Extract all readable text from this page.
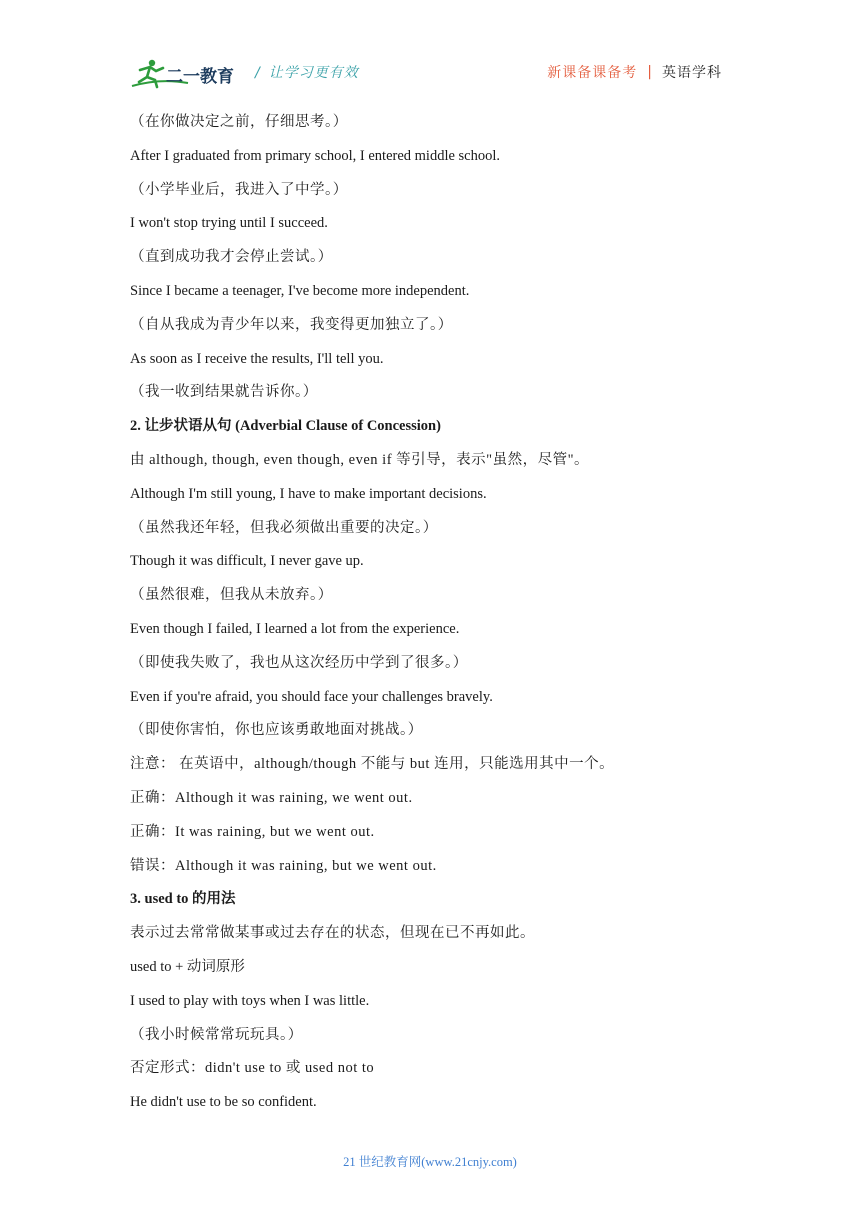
二一教育 / 让学习更有效	新课备课备考 | 英语学科
（在你做决定之前，仔细思考。）
After I graduated from primary school, I entered middle school.
（小学毕业后，我进入了中学。）
I won't stop trying until I succeed.
（直到成功我才会停止尝试。）
Since I became a teenager, I've become more independent.
（自从我成为青少年以来，我变得更加独立了。）
As soon as I receive the results, I'll tell you.
（我一收到结果就告诉你。）
2. 让步状语从句 (Adverbial Clause of Concession)
由 although, though, even though, even if 等引导，表示"虽然，尽管"。
Although I'm still young, I have to make important decisions.
（虽然我还年轻，但我必须做出重要的决定。）
Though it was difficult, I never gave up.
（虽然很难，但我从未放弃。）
Even though I failed, I learned a lot from the experience.
（即使我失败了，我也从这次经历中学到了很多。）
Even if you're afraid, you should face your challenges bravely.
（即使你害怕，你也应该勇敢地面对挑战。）
注意： 在英语中，although/though 不能与 but 连用，只能选用其中一个。
正确：Although it was raining, we went out.
正确：It was raining, but we went out.
错误：Although it was raining, but we went out.
3. used to 的用法
表示过去常常做某事或过去存在的状态，但现在已不再如此。
used to + 动词原形
I used to play with toys when I was little.
（我小时候常常玩玩具。）
否定形式：didn't use to 或 used not to
He didn't use to be so confident.
21 世纪教育网(www.21cnjy.com)
